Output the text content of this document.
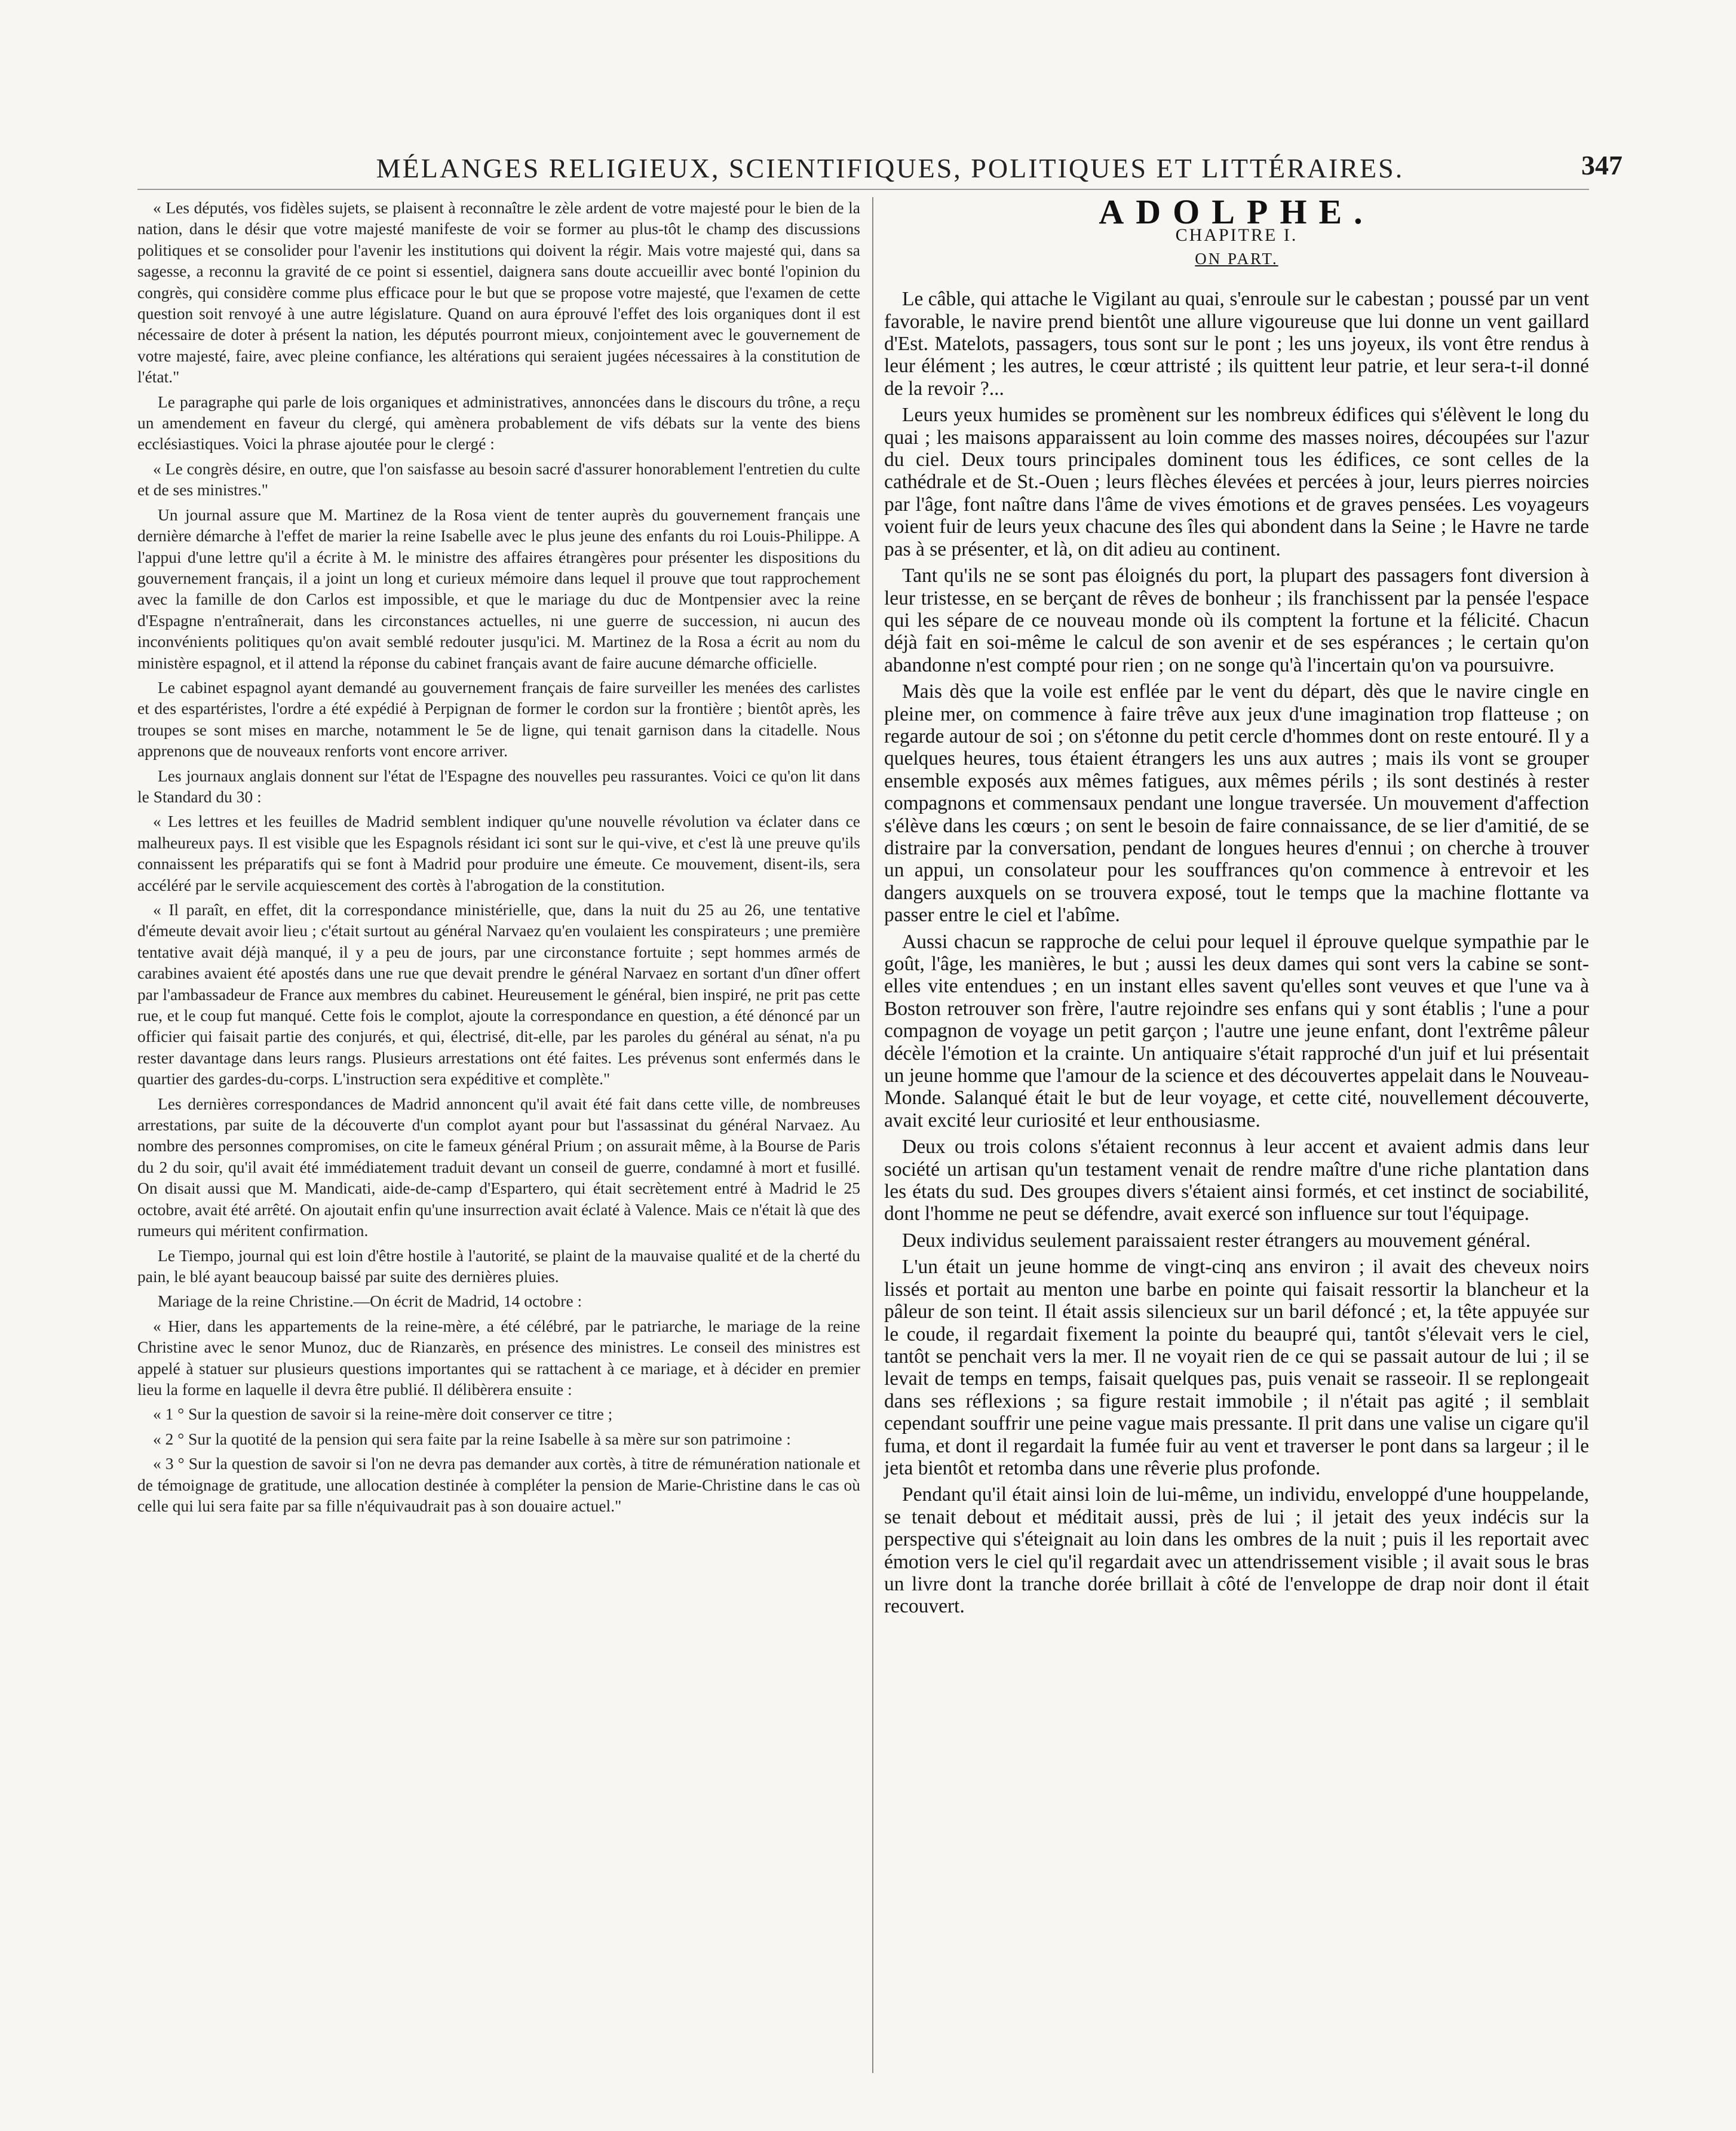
MÉLANGES RELIGIEUX, SCIENTIFIQUES, POLITIQUES ET LITTÉRAIRES.	347

« Les députés, vos fidèles sujets, se plaisent à reconnaître le zèle ardent de votre majesté pour le bien de la nation, dans le désir que votre majesté manifeste de voir se former au plus-tôt le champ des discussions politiques et se consolider pour l'avenir les institutions qui doivent la régir. Mais votre majesté qui, dans sa sagesse, a reconnu la gravité de ce point si essentiel, daignera sans doute accueillir avec bonté l'opinion du congrès, qui considère comme plus efficace pour le but que se propose votre majesté, que l'examen de cette question soit renvoyé à une autre législature. Quand on aura éprouvé l'effet des lois organiques dont il est nécessaire de doter à présent la nation, les députés pourront mieux, conjointement avec le gouvernement de votre majesté, faire, avec pleine confiance, les altérations qui seraient jugées nécessaires à la constitution de l'état."

Le paragraphe qui parle de lois organiques et administratives, annoncées dans le discours du trône, a reçu un amendement en faveur du clergé, qui amènera probablement de vifs débats sur la vente des biens ecclésiastiques. Voici la phrase ajoutée pour le clergé :

« Le congrès désire, en outre, que l'on saisfasse au besoin sacré d'assurer honorablement l'entretien du culte et de ses ministres."

Un journal assure que M. Martinez de la Rosa vient de tenter auprès du gouvernement français une dernière démarche à l'effet de marier la reine Isabelle avec le plus jeune des enfants du roi Louis-Philippe. A l'appui d'une lettre qu'il a écrite à M. le ministre des affaires étrangères pour présenter les dispositions du gouvernement français, il a joint un long et curieux mémoire dans lequel il prouve que tout rapprochement avec la famille de don Carlos est impossible, et que le mariage du duc de Montpensier avec la reine d'Espagne n'entraînerait, dans les circonstances actuelles, ni une guerre de succession, ni aucun des inconvénients politiques qu'on avait semblé redouter jusqu'ici. M. Martinez de la Rosa a écrit au nom du ministère espagnol, et il attend la réponse du cabinet français avant de faire aucune démarche officielle.

Le cabinet espagnol ayant demandé au gouvernement français de faire surveiller les menées des carlistes et des espartéristes, l'ordre a été expédié à Perpignan de former le cordon sur la frontière ; bientôt après, les troupes se sont mises en marche, notamment le 5e de ligne, qui tenait garnison dans la citadelle. Nous apprenons que de nouveaux renforts vont encore arriver.

Les journaux anglais donnent sur l'état de l'Espagne des nouvelles peu rassurantes. Voici ce qu'on lit dans le Standard du 30 :

« Les lettres et les feuilles de Madrid semblent indiquer qu'une nouvelle révolution va éclater dans ce malheureux pays. Il est visible que les Espagnols résidant ici sont sur le qui-vive, et c'est là une preuve qu'ils connaissent les préparatifs qui se font à Madrid pour produire une émeute. Ce mouvement, disent-ils, sera accéléré par le servile acquiescement des cortès à l'abrogation de la constitution.

« Il paraît, en effet, dit la correspondance ministérielle, que, dans la nuit du 25 au 26, une tentative d'émeute devait avoir lieu ; c'était surtout au général Narvaez qu'en voulaient les conspirateurs ; une première tentative avait déjà manqué, il y a peu de jours, par une circonstance fortuite ; sept hommes armés de carabines avaient été apostés dans une rue que devait prendre le général Narvaez en sortant d'un dîner offert par l'ambassadeur de France aux membres du cabinet. Heureusement le général, bien inspiré, ne prit pas cette rue, et le coup fut manqué. Cette fois le complot, ajoute la correspondance en question, a été dénoncé par un officier qui faisait partie des conjurés, et qui, électrisé, dit-elle, par les paroles du général au sénat, n'a pu rester davantage dans leurs rangs. Plusieurs arrestations ont été faites. Les prévenus sont enfermés dans le quartier des gardes-du-corps. L'instruction sera expéditive et complète."

Les dernières correspondances de Madrid annoncent qu'il avait été fait dans cette ville, de nombreuses arrestations, par suite de la découverte d'un complot ayant pour but l'assassinat du général Narvaez. Au nombre des personnes compromises, on cite le fameux général Prium ; on assurait même, à la Bourse de Paris du 2 du soir, qu'il avait été immédiatement traduit devant un conseil de guerre, condamné à mort et fusillé. On disait aussi que M. Mandicati, aide-de-camp d'Espartero, qui était secrètement entré à Madrid le 25 octobre, avait été arrêté. On ajoutait enfin qu'une insurrection avait éclaté à Valence. Mais ce n'était là que des rumeurs qui méritent confirmation.

Le Tiempo, journal qui est loin d'être hostile à l'autorité, se plaint de la mauvaise qualité et de la cherté du pain, le blé ayant beaucoup baissé par suite des dernières pluies.

Mariage de la reine Christine.—On écrit de Madrid, 14 octobre :

« Hier, dans les appartements de la reine-mère, a été célébré, par le patriarche, le mariage de la reine Christine avec le senor Munoz, duc de Rianzarès, en présence des ministres. Le conseil des ministres est appelé à statuer sur plusieurs questions importantes qui se rattachent à ce mariage, et à décider en premier lieu la forme en laquelle il devra être publié. Il délibèrera ensuite :

« 1 ° Sur la question de savoir si la reine-mère doit conserver ce titre ;

« 2 ° Sur la quotité de la pension qui sera faite par la reine Isabelle à sa mère sur son patrimoine :

« 3 ° Sur la question de savoir si l'on ne devra pas demander aux cortès, à titre de rémunération nationale et de témoignage de gratitude, une allocation destinée à compléter la pension de Marie-Christine dans le cas où celle qui lui sera faite par sa fille n'équivaudrait pas à son douaire actuel."

ADOLPHE.
CHAPITRE I.
ON PART.

Le câble, qui attache le Vigilant au quai, s'enroule sur le cabestan ; poussé par un vent favorable, le navire prend bientôt une allure vigoureuse que lui donne un vent gaillard d'Est. Matelots, passagers, tous sont sur le pont ; les uns joyeux, ils vont être rendus à leur élément ; les autres, le cœur attristé ; ils quittent leur patrie, et leur sera-t-il donné de la revoir ?...

Leurs yeux humides se promènent sur les nombreux édifices qui s'élèvent le long du quai ; les maisons apparaissent au loin comme des masses noires, découpées sur l'azur du ciel. Deux tours principales dominent tous les édifices, ce sont celles de la cathédrale et de St.-Ouen ; leurs flèches élevées et percées à jour, leurs pierres noircies par l'âge, font naître dans l'âme de vives émotions et de graves pensées. Les voyageurs voient fuir de leurs yeux chacune des îles qui abondent dans la Seine ; le Havre ne tarde pas à se présenter, et là, on dit adieu au continent.

Tant qu'ils ne se sont pas éloignés du port, la plupart des passagers font diversion à leur tristesse, en se berçant de rêves de bonheur ; ils franchissent par la pensée l'espace qui les sépare de ce nouveau monde où ils comptent la fortune et la félicité. Chacun déjà fait en soi-même le calcul de son avenir et de ses espérances ; le certain qu'on abandonne n'est compté pour rien ; on ne songe qu'à l'incertain qu'on va poursuivre.

Mais dès que la voile est enflée par le vent du départ, dès que le navire cingle en pleine mer, on commence à faire trêve aux jeux d'une imagination trop flatteuse ; on regarde autour de soi ; on s'étonne du petit cercle d'hommes dont on reste entouré. Il y a quelques heures, tous étaient étrangers les uns aux autres ; mais ils vont se grouper ensemble exposés aux mêmes fatigues, aux mêmes périls ; ils sont destinés à rester compagnons et commensaux pendant une longue traversée. Un mouvement d'affection s'élève dans les cœurs ; on sent le besoin de faire connaissance, de se lier d'amitié, de se distraire par la conversation, pendant de longues heures d'ennui ; on cherche à trouver un appui, un consolateur pour les souffrances qu'on commence à entrevoir et les dangers auxquels on se trouvera exposé, tout le temps que la machine flottante va passer entre le ciel et l'abîme.

Aussi chacun se rapproche de celui pour lequel il éprouve quelque sympathie par le goût, l'âge, les manières, le but ; aussi les deux dames qui sont vers la cabine se sont-elles vite entendues ; en un instant elles savent qu'elles sont veuves et que l'une va à Boston retrouver son frère, l'autre rejoindre ses enfans qui y sont établis ; l'une a pour compagnon de voyage un petit garçon ; l'autre une jeune enfant, dont l'extrême pâleur décèle l'émotion et la crainte. Un antiquaire s'était rapproché d'un juif et lui présentait un jeune homme que l'amour de la science et des découvertes appelait dans le Nouveau-Monde. Salanqué était le but de leur voyage, et cette cité, nouvellement découverte, avait excité leur curiosité et leur enthousiasme.

Deux ou trois colons s'étaient reconnus à leur accent et avaient admis dans leur société un artisan qu'un testament venait de rendre maître d'une riche plantation dans les états du sud. Des groupes divers s'étaient ainsi formés, et cet instinct de sociabilité, dont l'homme ne peut se défendre, avait exercé son influence sur tout l'équipage.

Deux individus seulement paraissaient rester étrangers au mouvement général.

L'un était un jeune homme de vingt-cinq ans environ ; il avait des cheveux noirs lissés et portait au menton une barbe en pointe qui faisait ressortir la blancheur et la pâleur de son teint. Il était assis silencieux sur un baril défoncé ; et, la tête appuyée sur le coude, il regardait fixement la pointe du beaupré qui, tantôt s'élevait vers le ciel, tantôt se penchait vers la mer. Il ne voyait rien de ce qui se passait autour de lui ; il se levait de temps en temps, faisait quelques pas, puis venait se rasseoir. Il se replongeait dans ses réflexions ; sa figure restait immobile ; il n'était pas agité ; il semblait cependant souffrir une peine vague mais pressante. Il prit dans une valise un cigare qu'il fuma, et dont il regardait la fumée fuir au vent et traverser le pont dans sa largeur ; il le jeta bientôt et retomba dans une rêverie plus profonde.

Pendant qu'il était ainsi loin de lui-même, un individu, enveloppé d'une houppelande, se tenait debout et méditait aussi, près de lui ; il jetait des yeux indécis sur la perspective qui s'éteignait au loin dans les ombres de la nuit ; puis il les reportait avec émotion vers le ciel qu'il regardait avec un attendrissement visible ; il avait sous le bras un livre dont la tranche dorée brillait à côté de l'enveloppe de drap noir dont il était recouvert.
